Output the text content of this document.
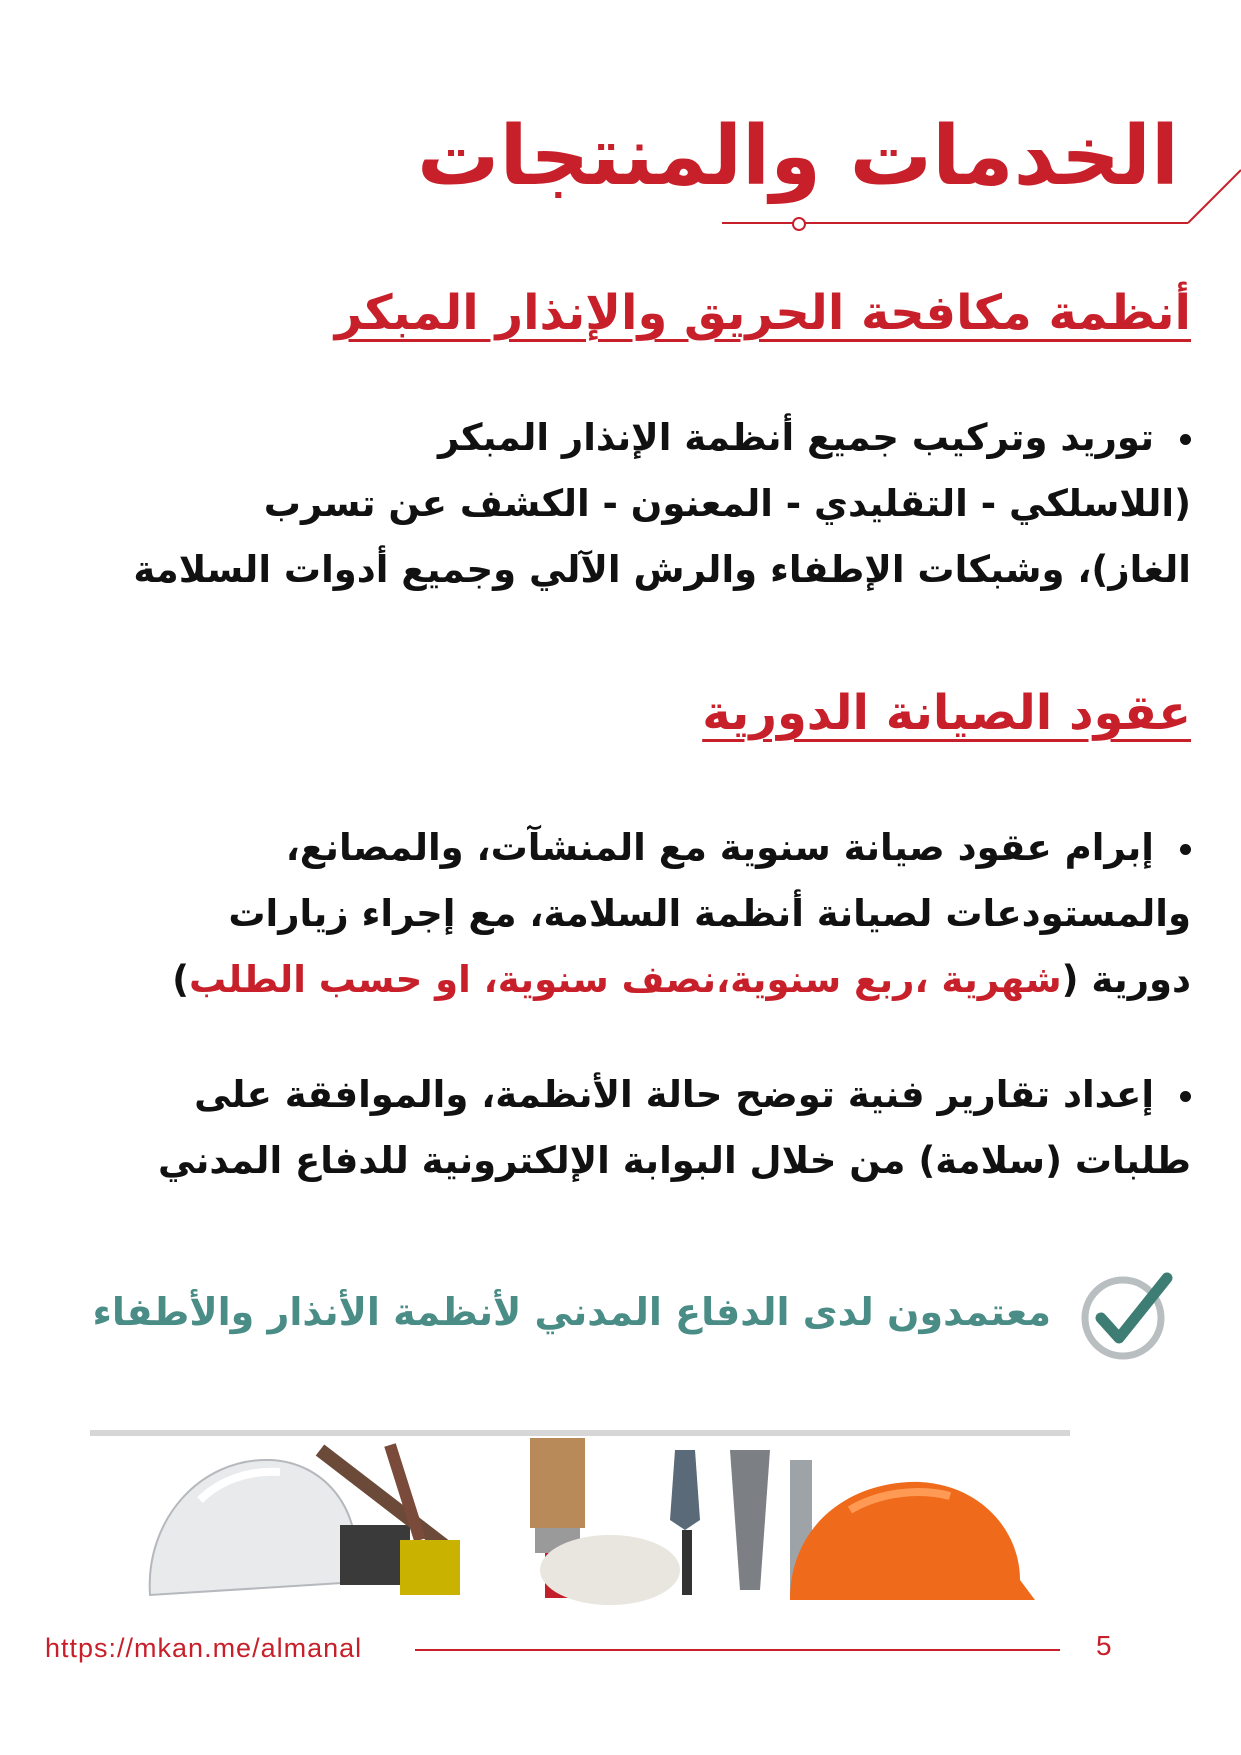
الخدمات والمنتجات
أنظمة مكافحة الحريق والإنذار المبكر
توريد وتركيب جميع أنظمة الإنذار المبكر
(اللاسلكي - التقليدي - المعنون - الكشف عن تسرب
الغاز)، وشبكات الإطفاء والرش الآلي وجميع أدوات السلامة
عقود الصيانة الدورية
إبرام عقود صيانة سنوية مع المنشآت، والمصانع،
والمستودعات لصيانة أنظمة السلامة، مع إجراء زيارات
دورية (شهرية ،ربع سنوية،نصف سنوية، او حسب الطلب)
إعداد تقارير فنية توضح حالة الأنظمة، والموافقة على
طلبات (سلامة) من خلال البوابة الإلكترونية للدفاع المدني
معتمدون لدى الدفاع المدني لأنظمة الأنذار والأطفاء
https://mkan.me/almanal	5
